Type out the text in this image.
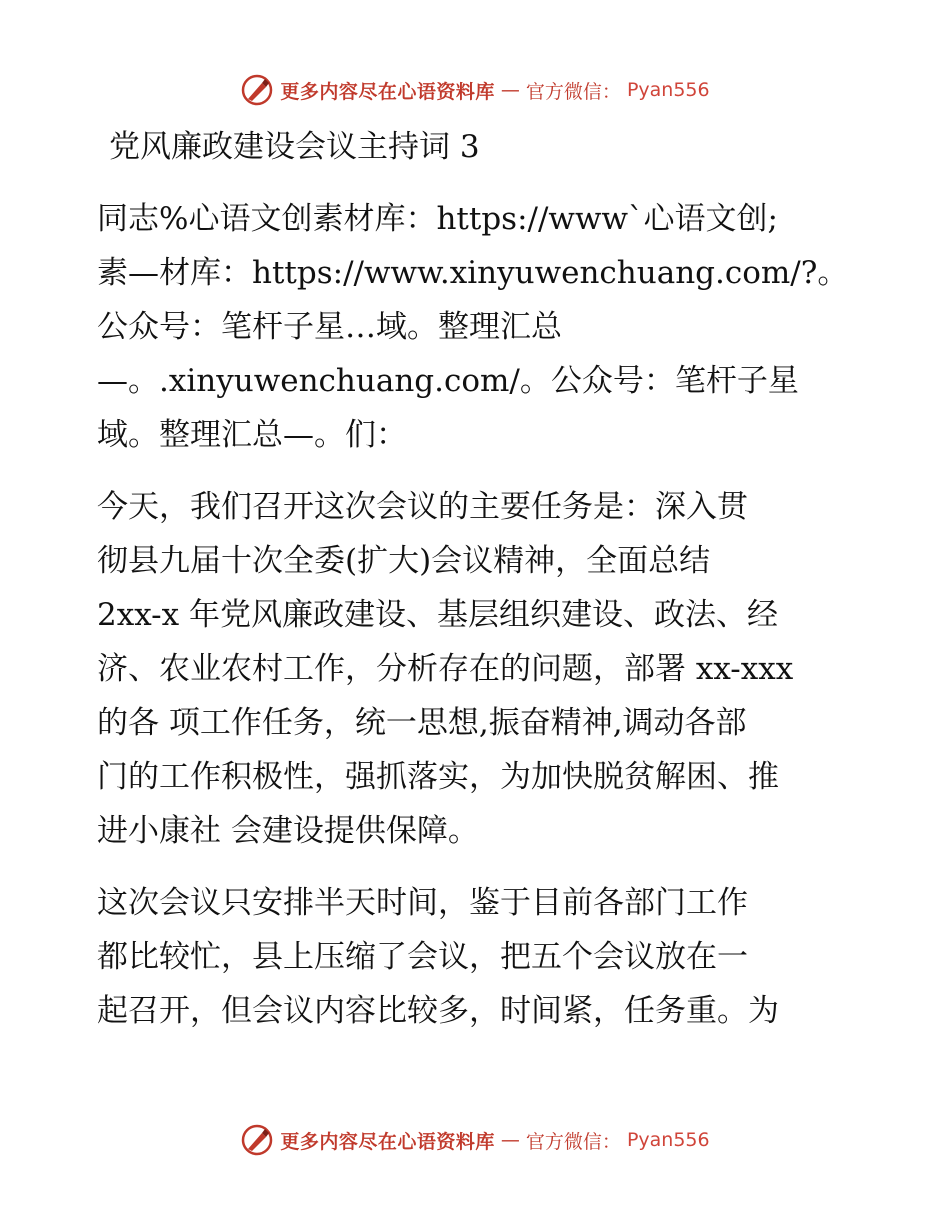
更多内容尽在心语资料库 — 官方微信： Pyan556
党风廉政建设会议主持词 3

同志%心语文创素材库：https://www`心语文创;
素—材库：https://www.xinyuwenchuang.com/?。
公众号：笔杆子星…域。整理汇总
—。.xinyuwenchuang.com/。公众号：笔杆子星
域。整理汇总—。们：

今天，我们召开这次会议的主要任务是：深入贯
彻县九届十次全委(扩大)会议精神，全面总结
2xx-x 年党风廉政建设、基层组织建设、政法、经
济、农业农村工作，分析存在的问题，部署 xx-xxx
的各 项工作任务，统一思想,振奋精神,调动各部
门的工作积极性，强抓落实，为加快脱贫解困、推
进小康社 会建设提供保障。

这次会议只安排半天时间，鉴于目前各部门工作
都比较忙，县上压缩了会议，把五个会议放在一
起召开，但会议内容比较多，时间紧，任务重。为

更多内容尽在心语资料库 — 官方微信： Pyan556
